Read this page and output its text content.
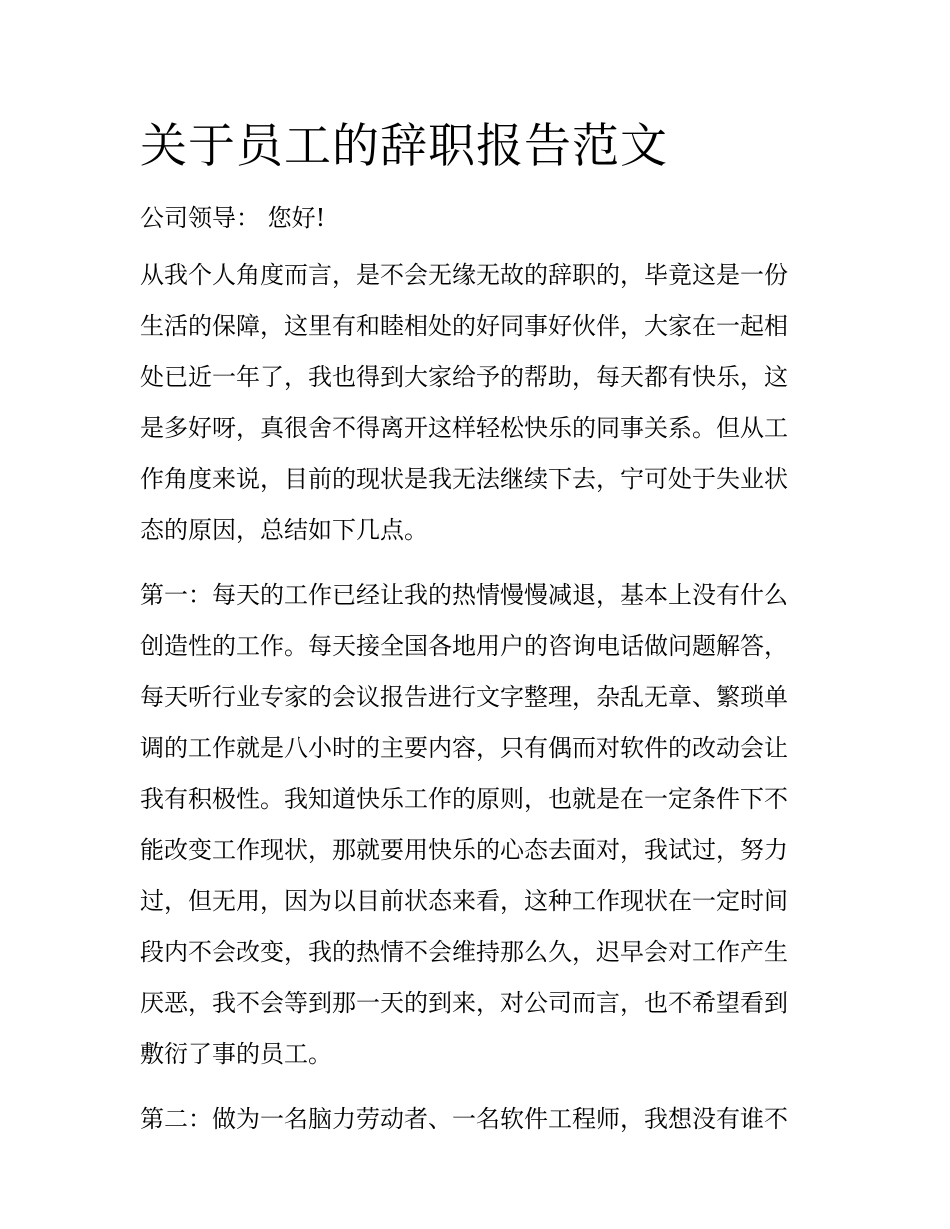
关于员工的辞职报告范文
公司领导： 您好!
从我个人角度而言，是不会无缘无故的辞职的，毕竟这是一份
生活的保障，这里有和睦相处的好同事好伙伴，大家在一起相
处已近一年了，我也得到大家给予的帮助，每天都有快乐，这
是多好呀，真很舍不得离开这样轻松快乐的同事关系。但从工
作角度来说，目前的现状是我无法继续下去，宁可处于失业状
态的原因，总结如下几点。
第一：每天的工作已经让我的热情慢慢减退，基本上没有什么
创造性的工作。每天接全国各地用户的咨询电话做问题解答，
每天听行业专家的会议报告进行文字整理，杂乱无章、繁琐单
调的工作就是八小时的主要内容，只有偶而对软件的改动会让
我有积极性。我知道快乐工作的原则，也就是在一定条件下不
能改变工作现状，那就要用快乐的心态去面对，我试过，努力
过，但无用，因为以目前状态来看，这种工作现状在一定时间
段内不会改变，我的热情不会维持那么久，迟早会对工作产生
厌恶，我不会等到那一天的到来，对公司而言，也不希望看到
敷衍了事的员工。
第二：做为一名脑力劳动者、一名软件工程师，我想没有谁不
